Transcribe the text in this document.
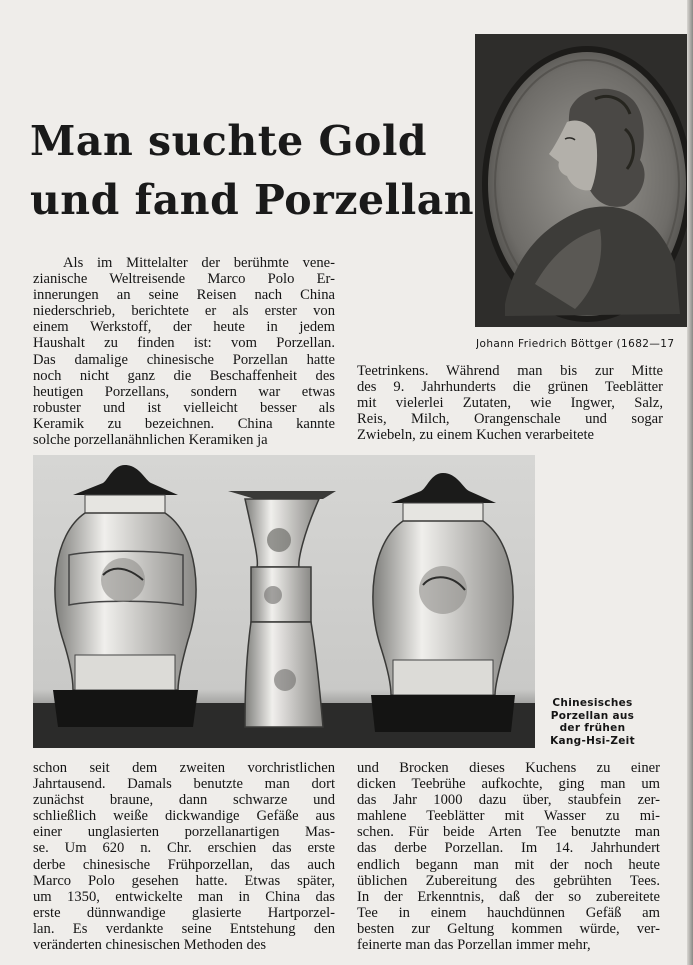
Man suchte Gold
und fand Porzellan

Johann Friedrich Böttger (1682—17

Als im Mittelalter der berühmte vene-
zianische Weltreisende Marco Polo Er-
innerungen an seine Reisen nach China
niederschrieb, berichtete er als erster von
einem Werkstoff, der heute in jedem
Haushalt zu finden ist: vom Porzellan.
Das damalige chinesische Porzellan hatte
noch nicht ganz die Beschaffenheit des
heutigen Porzellans, sondern war etwas
robuster und ist vielleicht besser als
Keramik zu bezeichnen. China kannte
solche porzellanähnlichen Keramiken ja
Teetrinkens. Während man bis zur Mitte
des 9. Jahrhunderts die grünen Teeblätter
mit vielerlei Zutaten, wie Ingwer, Salz,
Reis, Milch, Orangenschale und sogar
Zwiebeln, zu einem Kuchen verarbeitete

Chinesisches
Porzellan aus
der frühen
Kang-Hsi-Zeit

schon seit dem zweiten vorchristlichen
Jahrtausend. Damals benutzte man dort
zunächst braune, dann schwarze und
schließlich weiße dickwandige Gefäße aus
einer unglasierten porzellanartigen Mas-
se. Um 620 n. Chr. erschien das erste
derbe chinesische Frühporzellan, das auch
Marco Polo gesehen hatte. Etwas später,
um 1350, entwickelte man in China das
erste dünnwandige glasierte Hartporzel-
lan. Es verdankte seine Entstehung den
veränderten chinesischen Methoden des
und Brocken dieses Kuchens zu einer
dicken Teebrühe aufkochte, ging man um
das Jahr 1000 dazu über, staubfein zer-
mahlene Teeblätter mit Wasser zu mi-
schen. Für beide Arten Tee benutzte man
das derbe Porzellan. Im 14. Jahrhundert
endlich begann man mit der noch heute
üblichen Zubereitung des gebrühten Tees.
In der Erkenntnis, daß der so zubereitete
Tee in einem hauchdünnen Gefäß am
besten zur Geltung kommen würde, ver-
feinerte man das Porzellan immer mehr,
